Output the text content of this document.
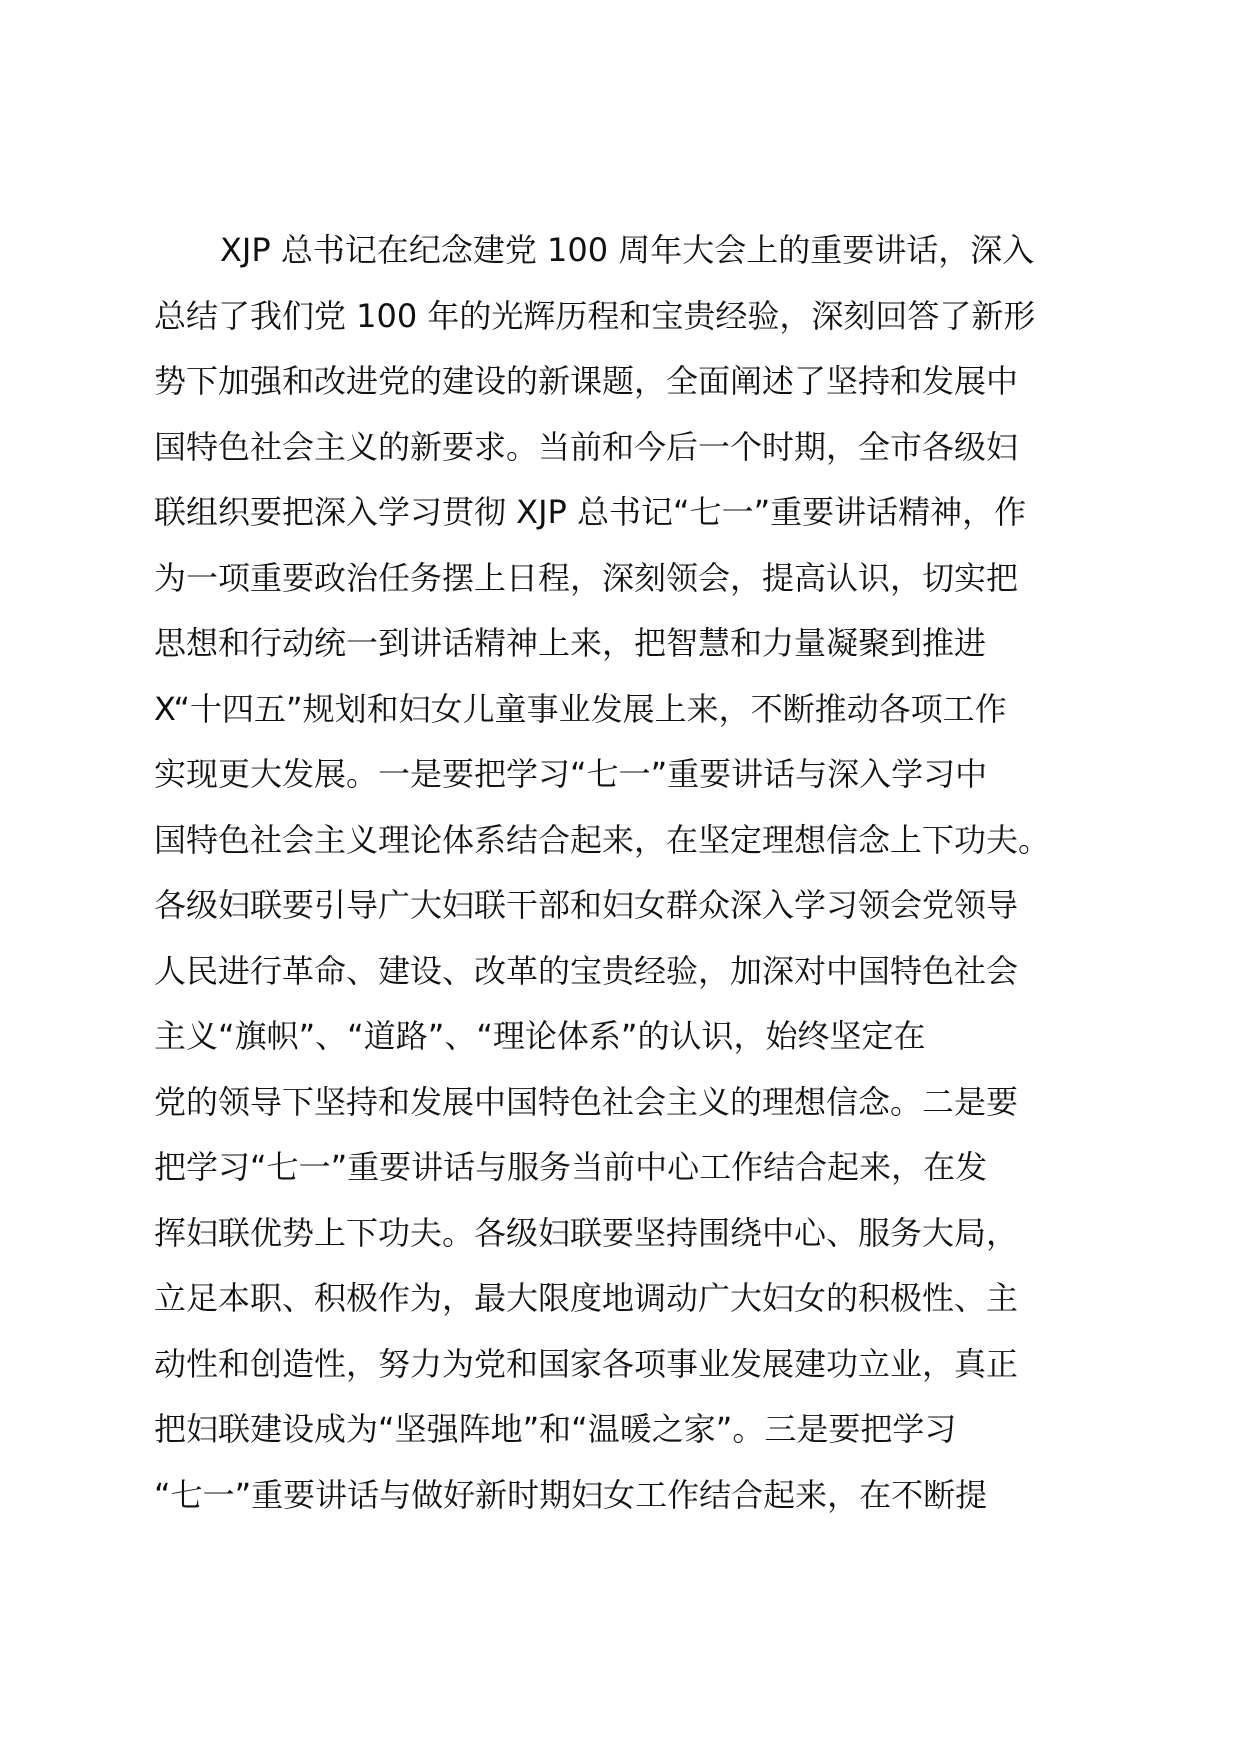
XJP 总书记在纪念建党 100 周年大会上的重要讲话，深入
总结了我们党 100 年的光辉历程和宝贵经验，深刻回答了新形
势下加强和改进党的建设的新课题，全面阐述了坚持和发展中
国特色社会主义的新要求。当前和今后一个时期，全市各级妇
联组织要把深入学习贯彻 XJP 总书记“七一”重要讲话精神，作
为一项重要政治任务摆上日程，深刻领会，提高认识，切实把
思想和行动统一到讲话精神上来，把智慧和力量凝聚到推进
X“十四五”规划和妇女儿童事业发展上来，不断推动各项工作
实现更大发展。一是要把学习“七一”重要讲话与深入学习中
国特色社会主义理论体系结合起来，在坚定理想信念上下功夫。
各级妇联要引导广大妇联干部和妇女群众深入学习领会党领导
人民进行革命、建设、改革的宝贵经验，加深对中国特色社会
主义“旗帜”、“道路”、“理论体系”的认识，始终坚定在
党的领导下坚持和发展中国特色社会主义的理想信念。二是要
把学习“七一”重要讲话与服务当前中心工作结合起来，在发
挥妇联优势上下功夫。各级妇联要坚持围绕中心、服务大局，
立足本职、积极作为，最大限度地调动广大妇女的积极性、主
动性和创造性，努力为党和国家各项事业发展建功立业，真正
把妇联建设成为“坚强阵地”和“温暖之家”。三是要把学习
“七一”重要讲话与做好新时期妇女工作结合起来，在不断提
